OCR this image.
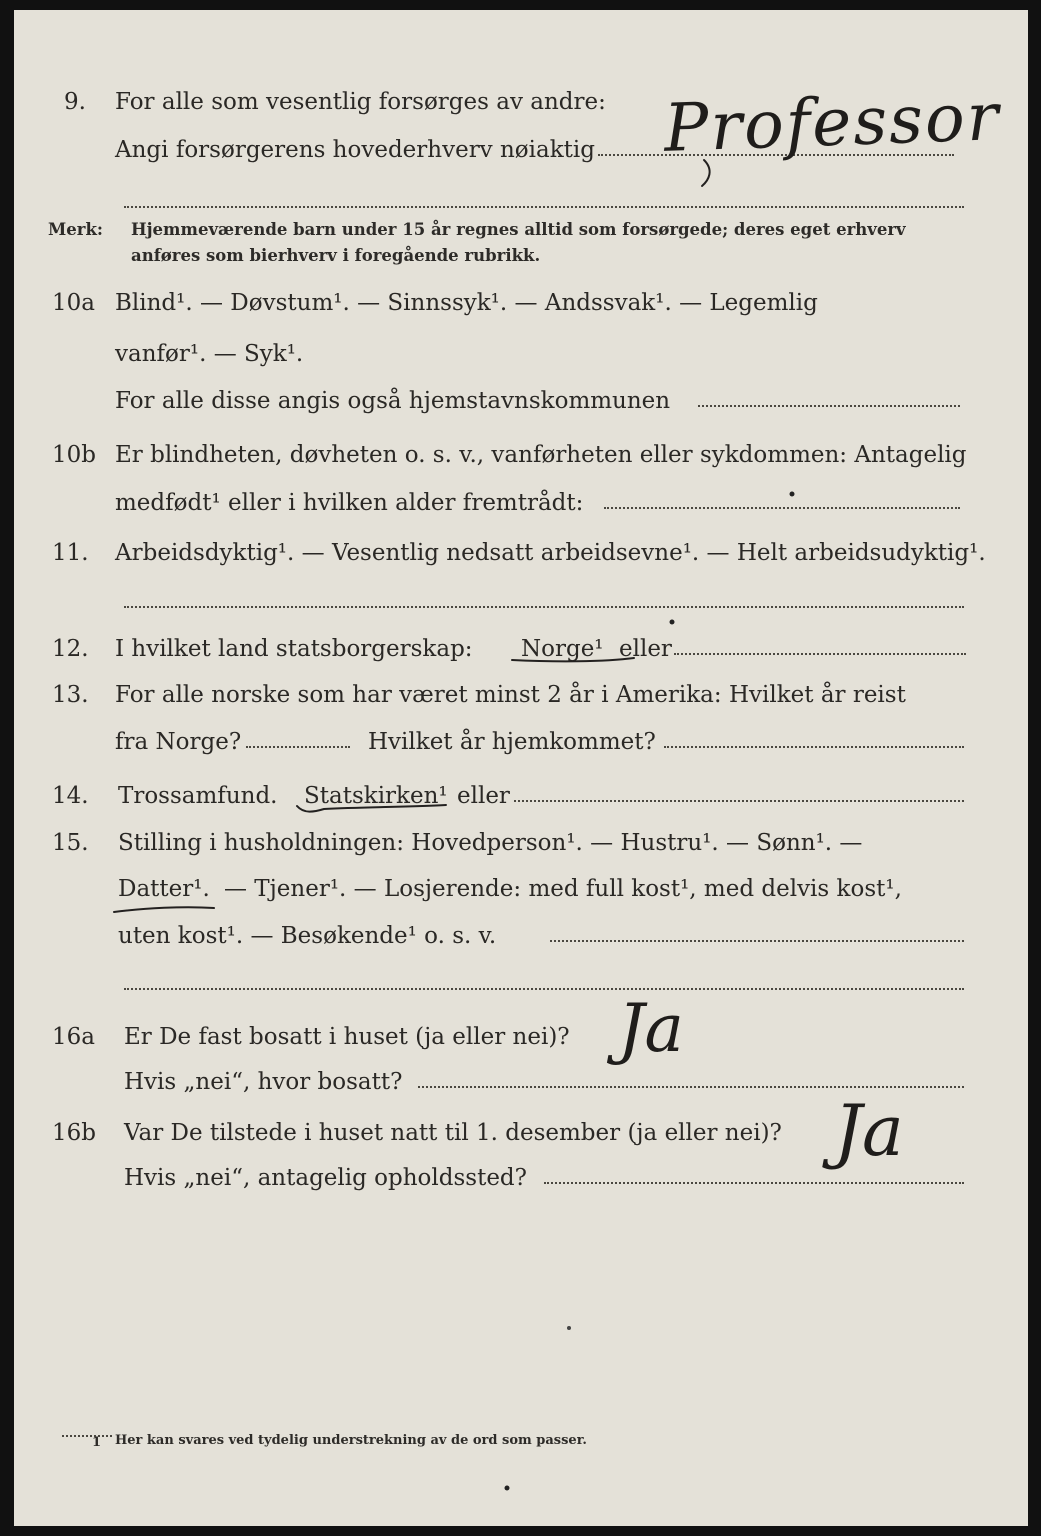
9. For alle som vesentlig forsørges av andre:
Angi forsørgerens hovederhverv nøiaktig Professor
Merk: Hjemmeværende barn under 15 år regnes alltid som forsørgede; deres eget erhverv
anføres som bierhverv i foregående rubrikk.
10a Blind¹. — Døvstum¹. — Sinnssyk¹. — Andssvak¹. — Legemlig
vanfør¹. — Syk¹.
For alle disse angis også hjemstavnskommunen
10b Er blindheten, døvheten o. s. v., vanførheten eller sykdommen: Antagelig
medfødt¹ eller i hvilken alder fremtrådt:
11. Arbeidsdyktig¹. — Vesentlig nedsatt arbeidsevne¹. — Helt arbeidsudyktig¹.
12. I hvilket land statsborgerskap: Norge¹ eller
13. For alle norske som har været minst 2 år i Amerika: Hvilket år reist
fra Norge?	Hvilket år hjemkommet?
14. Trossamfund. Statskirken¹ eller
15. Stilling i husholdningen: Hovedperson¹. — Hustru¹. — Sønn¹. —
Datter¹. — Tjener¹. — Losjerende: med full kost¹, med delvis kost¹,
uten kost¹. — Besøkende¹ o. s. v.
16a Er De fast bosatt i huset (ja eller nei)? Ja
Hvis „nei“, hvor bosatt?
16b Var De tilstede i huset natt til 1. desember (ja eller nei)? Ja
Hvis „nei“, antagelig opholdssted?
1 Her kan svares ved tydelig understrekning av de ord som passer.
